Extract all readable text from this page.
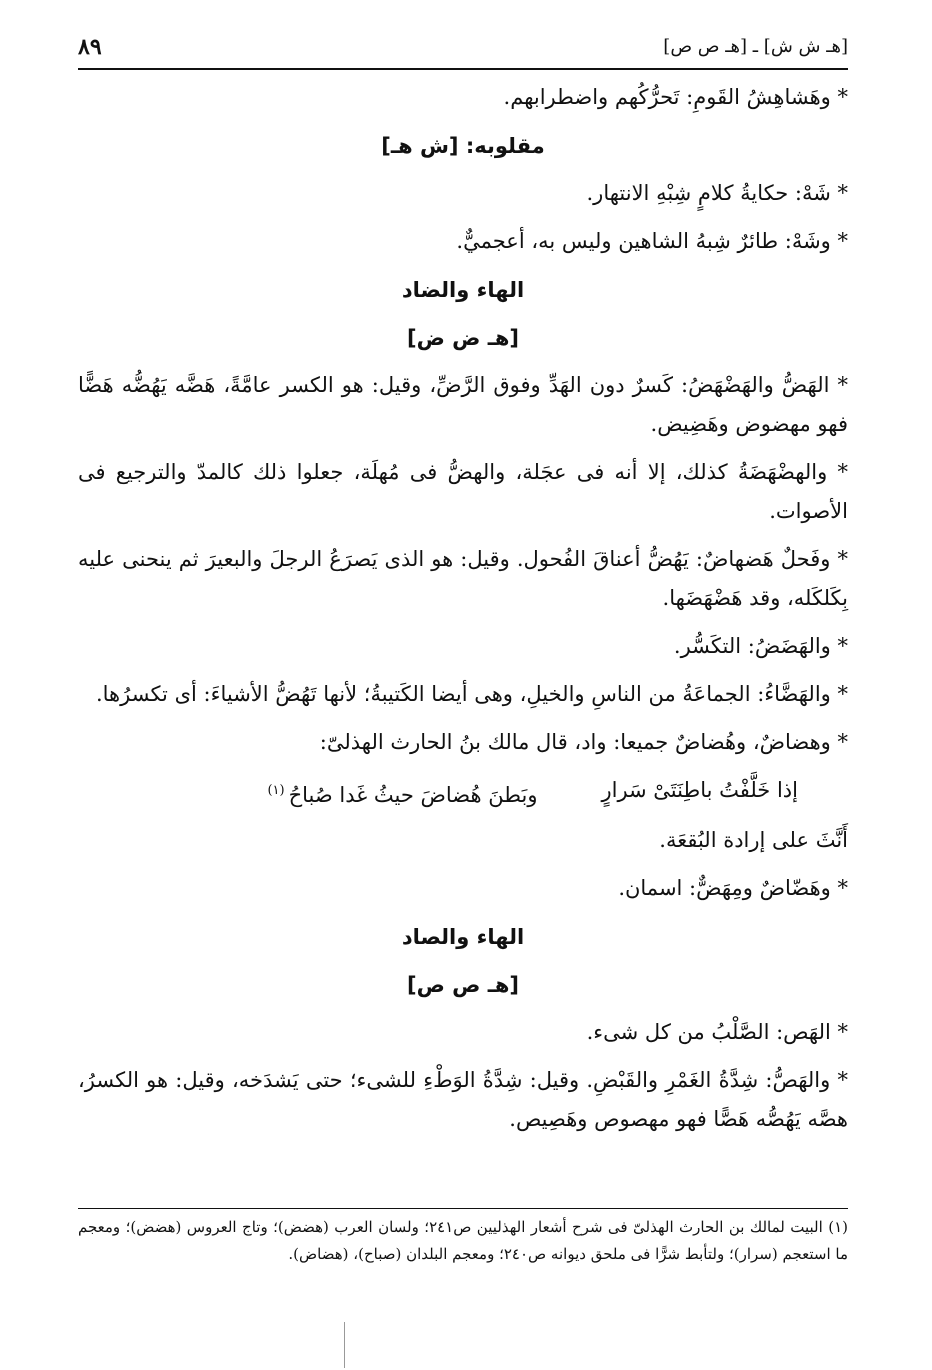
[هـ ش ش] ـ [هـ ص ص]
٨٩

* وهَشاهِشُ القَومِ: تَحرُّكُهم واضطرابهم.

مقلوبه: [ش هـ]

* شَهْ: حكايةُ كلامٍ شِبْهِ الانتهار.

* وشَهْ: طائرٌ شِبهُ الشاهين وليس به، أعجميٌّ.

الهاء والضاد
[هـ ض ض]

* الهَضُّ والهَضْهَضُ: كَسرٌ دون الهَدِّ وفوق الرَّضِّ، وقيل: هو الكسر عامَّةً، هَضَّه يَهُضُّه هَضًّا فهو مهضوض وهَضِيض.

* والهضْهَضَةُ كذلك، إلا أنه فى عجَلة، والهضُّ فى مُهلَة، جعلوا ذلك كالمدّ والترجيع فى الأصوات.

* وفَحلٌ هَضهاضٌ: يَهُضُّ أعناقَ الفُحول. وقيل: هو الذى يَصرَعُ الرجلَ والبعيرَ ثم ينحنى عليه بِكَلكَله، وقد هَضْهَضَها.

* والهَضَضُ: التكَسُّر.

* والهَضَّاءُ: الجماعَةُ من الناسِ والخيلِ، وهى أيضا الكَتيبةُ؛ لأنها تَهُضُّ الأشياءَ: أى تكسرُها.

* وهضاضٌ، وهُضاضٌ جميعا: واد، قال مالك بنُ الحارث الهذلىّ:

إذا خَلَّفْتُ باطِنَتَىْ سَرارٍ
وبَطنَ هُضاضَ حيثُ غَدا صُباحُ$^{(١)}$

أَنَّثَ على إرادة البُقعَة.

* وهَضّاضٌ ومِهَضٌّ: اسمان.

الهاء والصاد
[هـ ص ص]

* الهَص: الصَّلْبُ من كل شىء.

* والهَصُّ: شِدَّةُ الغَمْرِ والقَبْضِ. وقيل: شِدَّةُ الوَطْءِ للشىء؛ حتى يَشدَخه، وقيل: هو الكسرُ، هصَّه يَهُصُّه هَصًّا فهو مهصوص وهَصِيص.

(١) البيت لمالك بن الحارث الهذلىّ فى شرح أشعار الهذليين ص٢٤١؛ ولسان العرب (هضض)؛ وتاج العروس (هضض)؛ ومعجم ما استعجم (سرار)؛ ولتأبط شرًّا فى ملحق ديوانه ص٢٤٠؛ ومعجم البلدان (صباح)، (هضاض).
